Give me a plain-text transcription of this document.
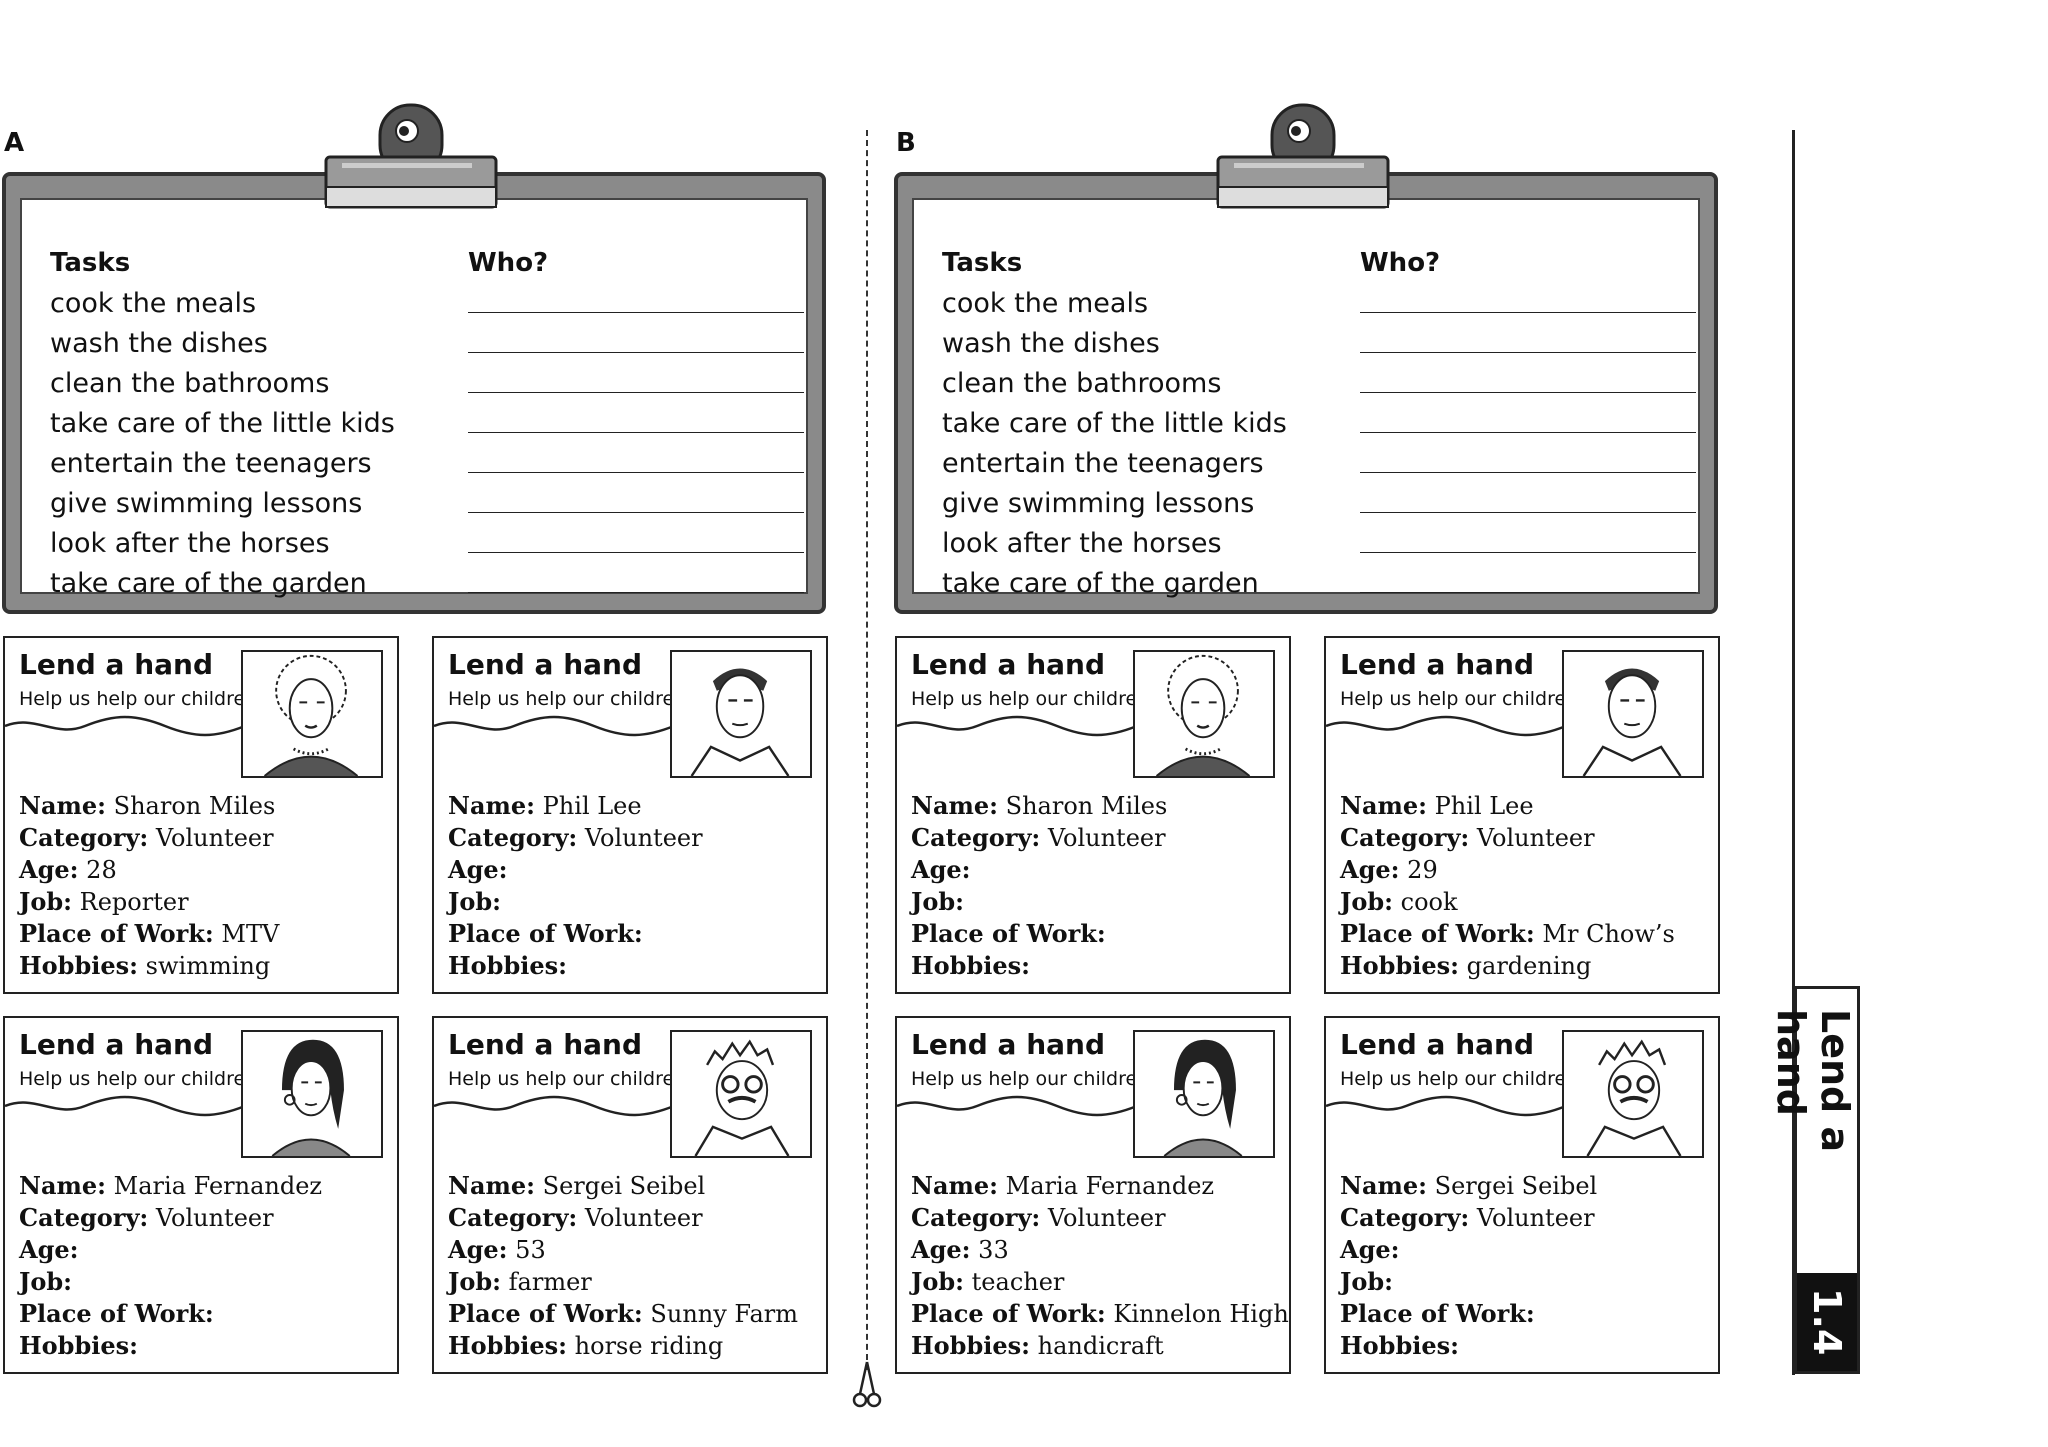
A
Tasks	Who?
cook the meals
wash the dishes
clean the bathrooms
take care of the little kids
entertain the teenagers
give swimming lessons
look after the horses
take care of the garden
Lend a hand
Help us help our children
Name: Sharon Miles
Category: Volunteer
Age: 28
Job: Reporter
Place of Work: MTV
Hobbies: swimming
Lend a hand
Help us help our children
Name: Phil Lee
Category: Volunteer
Age:
Job:
Place of Work:
Hobbies:
Lend a hand
Help us help our children
Name: Maria Fernandez
Category: Volunteer
Age:
Job:
Place of Work:
Hobbies:
Lend a hand
Help us help our children
Name: Sergei Seibel
Category: Volunteer
Age: 53
Job: farmer
Place of Work: Sunny Farm
Hobbies: horse riding
B
Tasks	Who?
cook the meals
wash the dishes
clean the bathrooms
take care of the little kids
entertain the teenagers
give swimming lessons
look after the horses
take care of the garden
Lend a hand
Help us help our children
Name: Sharon Miles
Category: Volunteer
Age:
Job:
Place of Work:
Hobbies:
Lend a hand
Help us help our children
Name: Phil Lee
Category: Volunteer
Age: 29
Job: cook
Place of Work: Mr Chow’s
Hobbies: gardening
Lend a hand
Help us help our children
Name: Maria Fernandez
Category: Volunteer
Age: 33
Job: teacher
Place of Work: Kinnelon High
Hobbies: handicraft
Lend a hand
Help us help our children
Name: Sergei Seibel
Category: Volunteer
Age:
Job:
Place of Work:
Hobbies:
Lend a hand
1.4
